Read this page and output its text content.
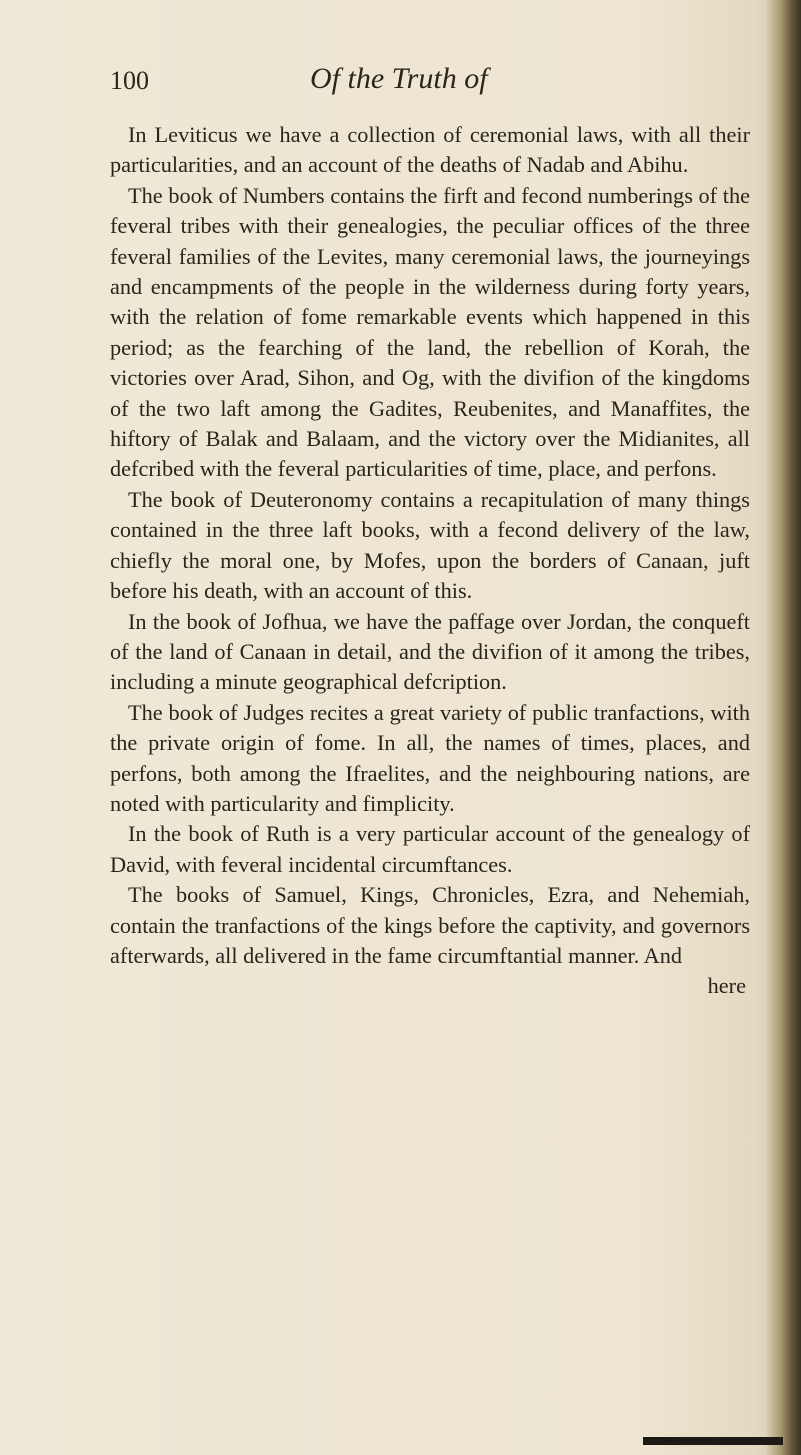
100	Of the Truth of

In Leviticus we have a collection of ceremonial laws, with all their particularities, and an account of the deaths of Nadab and Abihu.

The book of Numbers contains the firft and fecond numberings of the feveral tribes with their genealogies, the peculiar offices of the three feveral families of the Levites, many ceremonial laws, the journeyings and encampments of the people in the wilderness during forty years, with the relation of fome remarkable events which happened in this period; as the fearching of the land, the rebellion of Korah, the victories over Arad, Sihon, and Og, with the divifion of the kingdoms of the two laft among the Gadites, Reubenites, and Manaffites, the hiftory of Balak and Balaam, and the victory over the Midianites, all defcribed with the feveral particularities of time, place, and perfons.

The book of Deuteronomy contains a recapitulation of many things contained in the three laft books, with a fecond delivery of the law, chiefly the moral one, by Mofes, upon the borders of Canaan, juft before his death, with an account of this.

In the book of Jofhua, we have the paffage over Jordan, the conqueft of the land of Canaan in detail, and the divifion of it among the tribes, including a minute geographical defcription.

The book of Judges recites a great variety of public tranfactions, with the private origin of fome. In all, the names of times, places, and perfons, both among the Ifraelites, and the neighbouring nations, are noted with particularity and fimplicity.

In the book of Ruth is a very particular account of the genealogy of David, with feveral incidental circumftances.

The books of Samuel, Kings, Chronicles, Ezra, and Nehemiah, contain the tranfactions of the kings before the captivity, and governors afterwards, all delivered in the fame circumftantial manner. And

here
